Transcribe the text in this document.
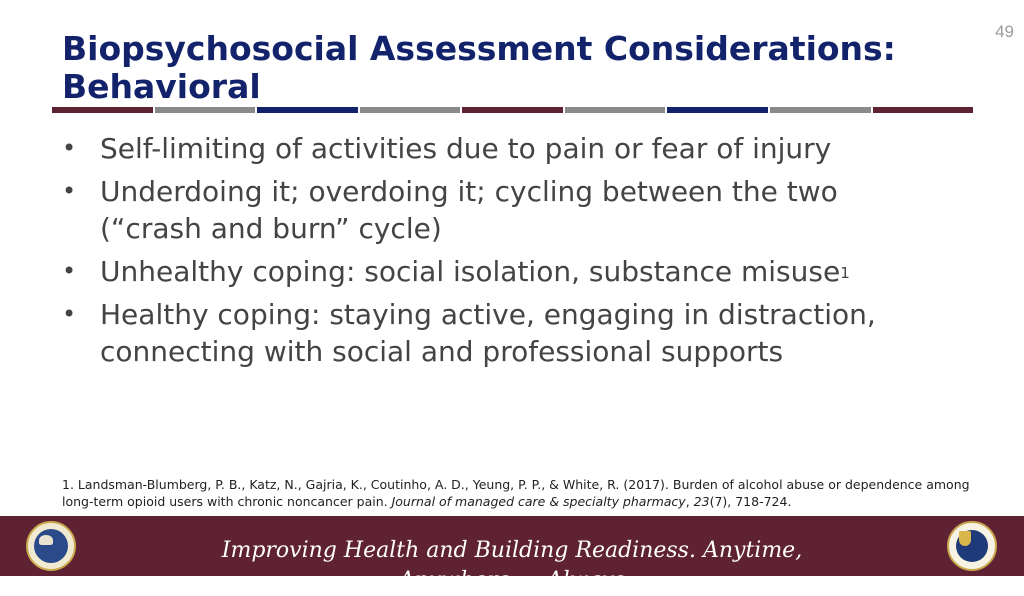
49
Biopsychosocial Assessment Considerations: Behavioral
• Self-limiting of activities due to pain or fear of injury
• Underdoing it; overdoing it; cycling between the two (“crash and burn” cycle)
• Unhealthy coping: social isolation, substance misuse$^1$
• Healthy coping: staying active, engaging in distraction, connecting with social and professional supports
1. Landsman-Blumberg, P. B., Katz, N., Gajria, K., Coutinho, A. D., Yeung, P. P., & White, R. (2017). Burden of alcohol abuse or dependence among long-term opioid users with chronic noncancer pain. Journal of managed care & specialty pharmacy, 23(7), 718-724.
Improving Health and Building Readiness. Anytime, Anywhere — Always
